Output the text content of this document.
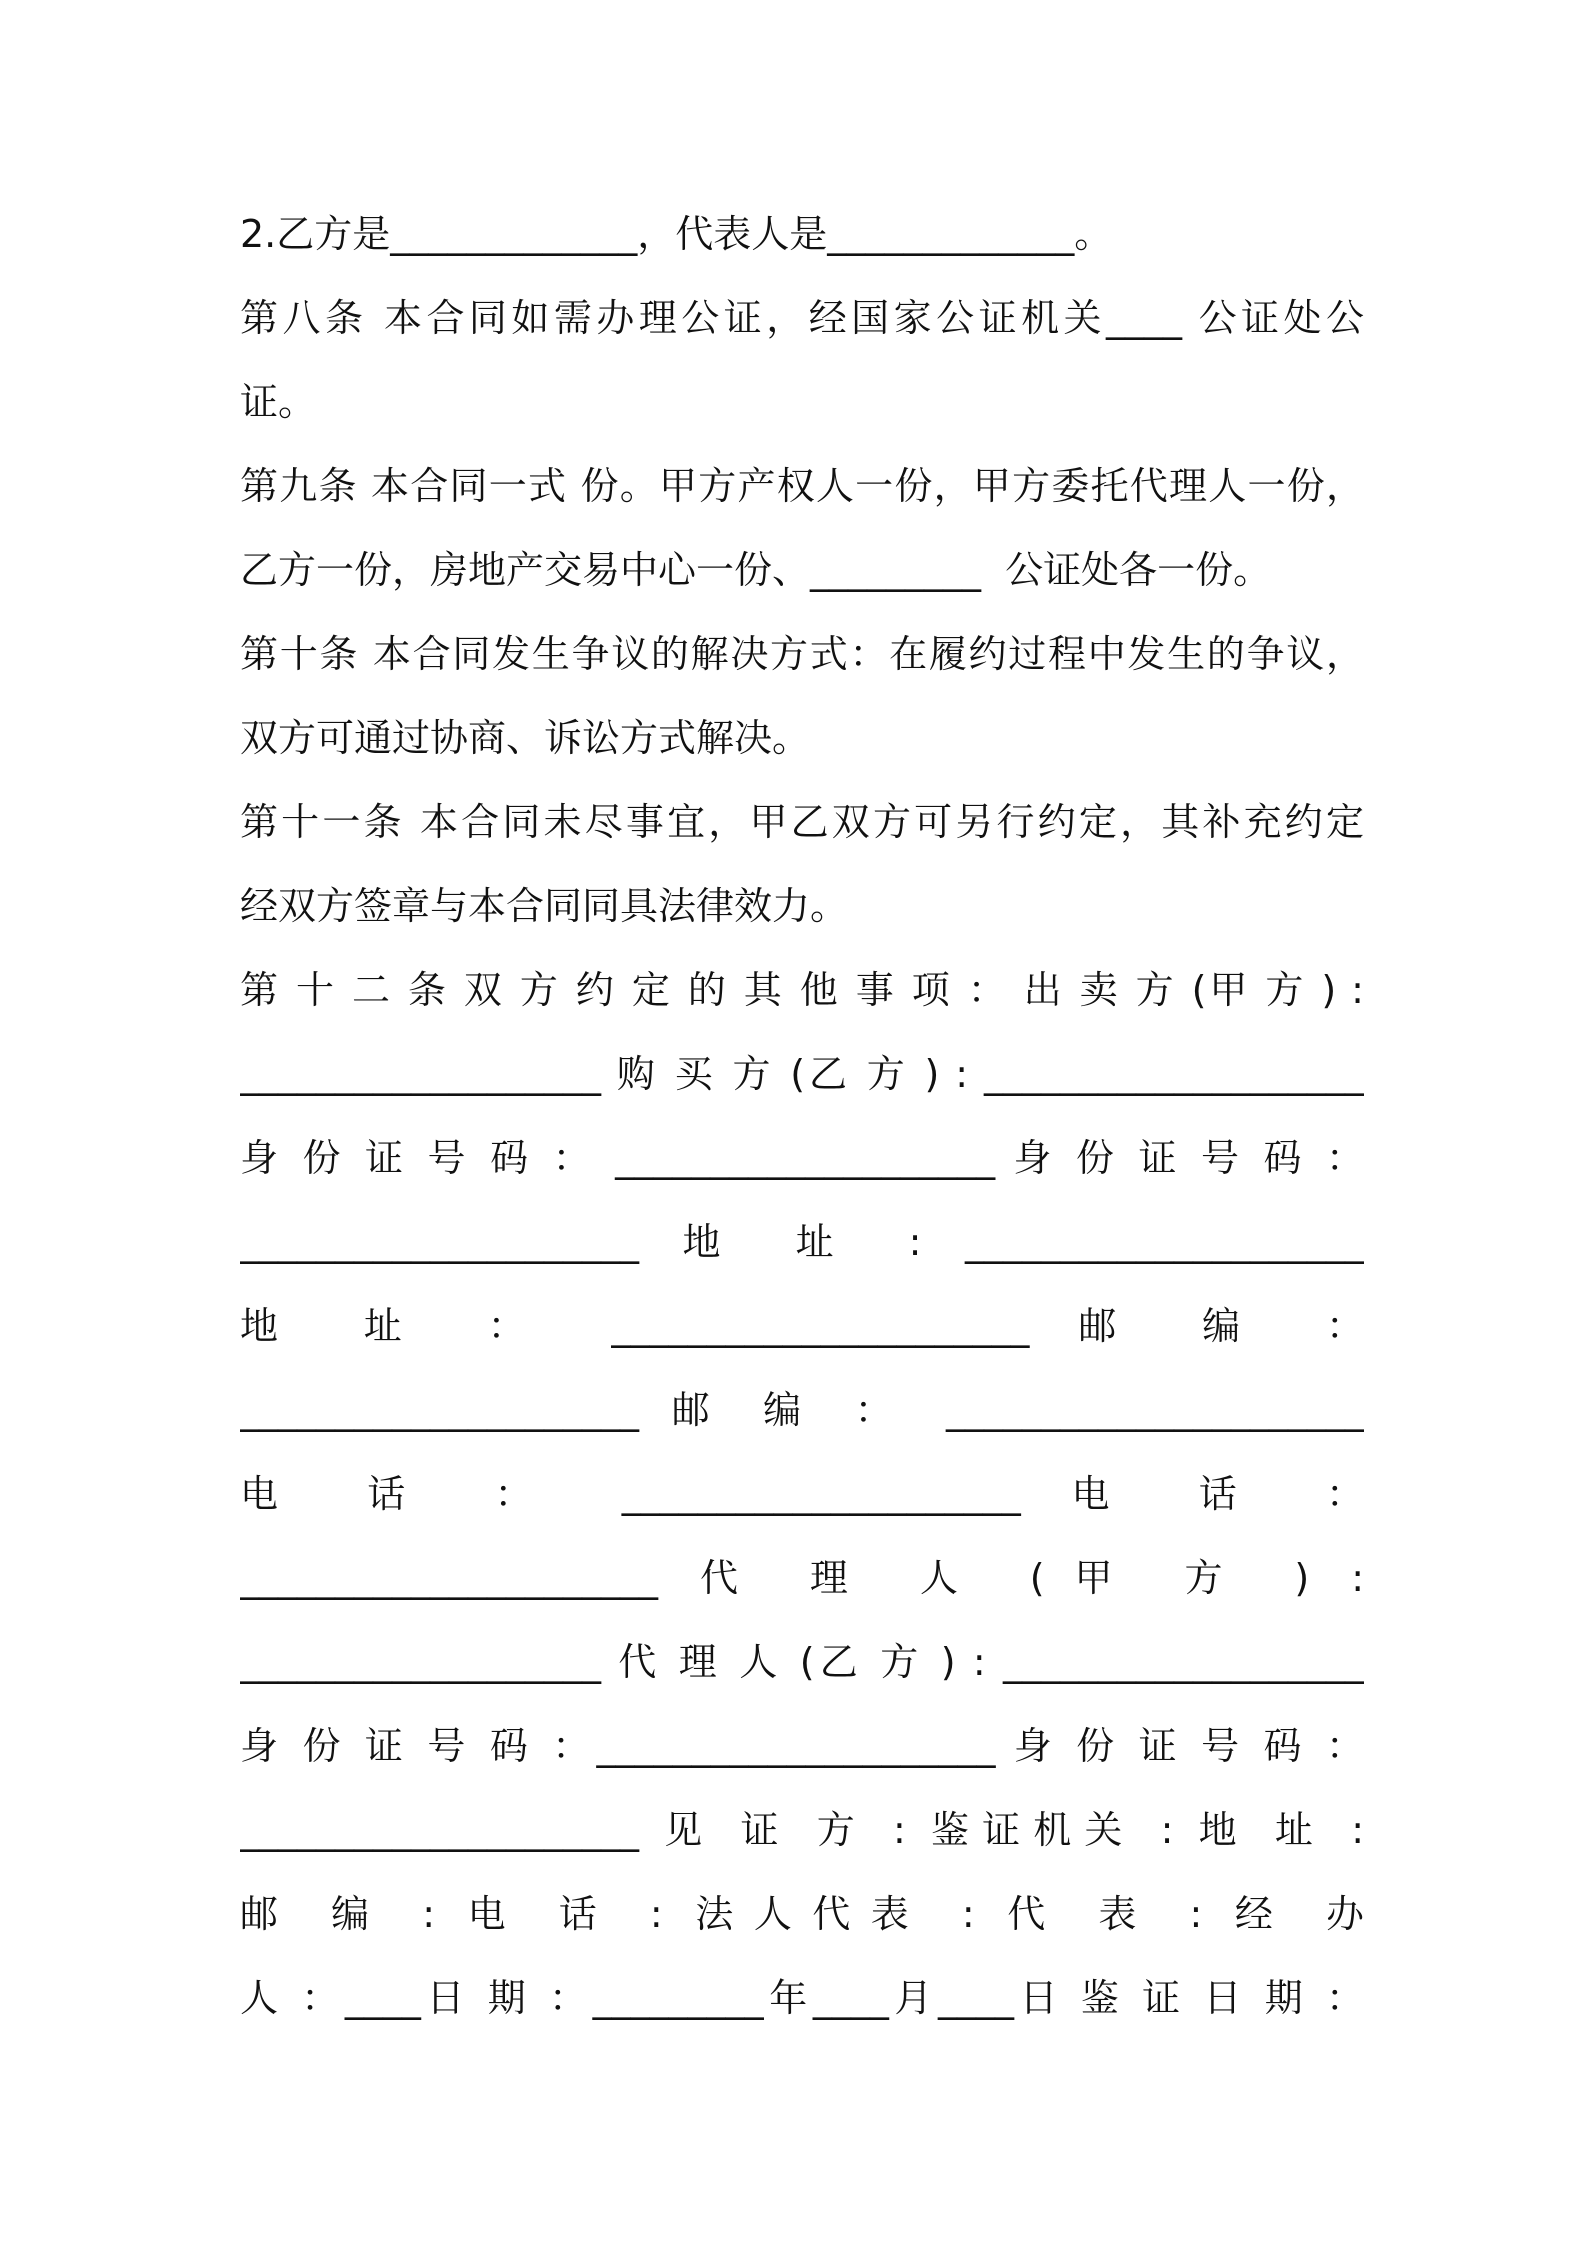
2.乙方是_____________，代表人是_____________。
第八条 本合同如需办理公证，经国家公证机关____ 公证处公
证。
第九条 本合同一式 份。甲方产权人一份，甲方委托代理人一份，
乙方一份，房地产交易中心一份、_________  公证处各一份。
第十条 本合同发生争议的解决方式：在履约过程中发生的争议，
双方可通过协商、诉讼方式解决。
第十一条 本合同未尽事宜，甲乙双方可另行约定，其补充约定
经双方签章与本合同同具法律效力。
第 十 二 条 双 方 约 定 的 其 他 事 项 ： 出 卖 方 (甲 方 ) :
___________________ 购 买 方 (乙 方 ) : ____________________
身 份 证 号 码 ： ____________________ 身 份 证 号 码 ：
_____________________ 地 址 : _____________________
地 址 ： ______________________ 邮 编 ：
_____________________ 邮 编 ： ______________________
电 话 ： _____________________ 电 话 ：
______________________ 代 理 人 (甲 方 ) :
___________________ 代 理 人 (乙 方 ) : ___________________
身 份 证 号 码 ：_____________________ 身 份 证 号 码 ：
_____________________ 见 证 方 : 鉴证机关 : 地 址 :
邮 编 : 电 话 : 法人代表 : 代 表 : 经 办
人 ：____日 期 ：_________年____月____日 鉴 证 日 期 ：
